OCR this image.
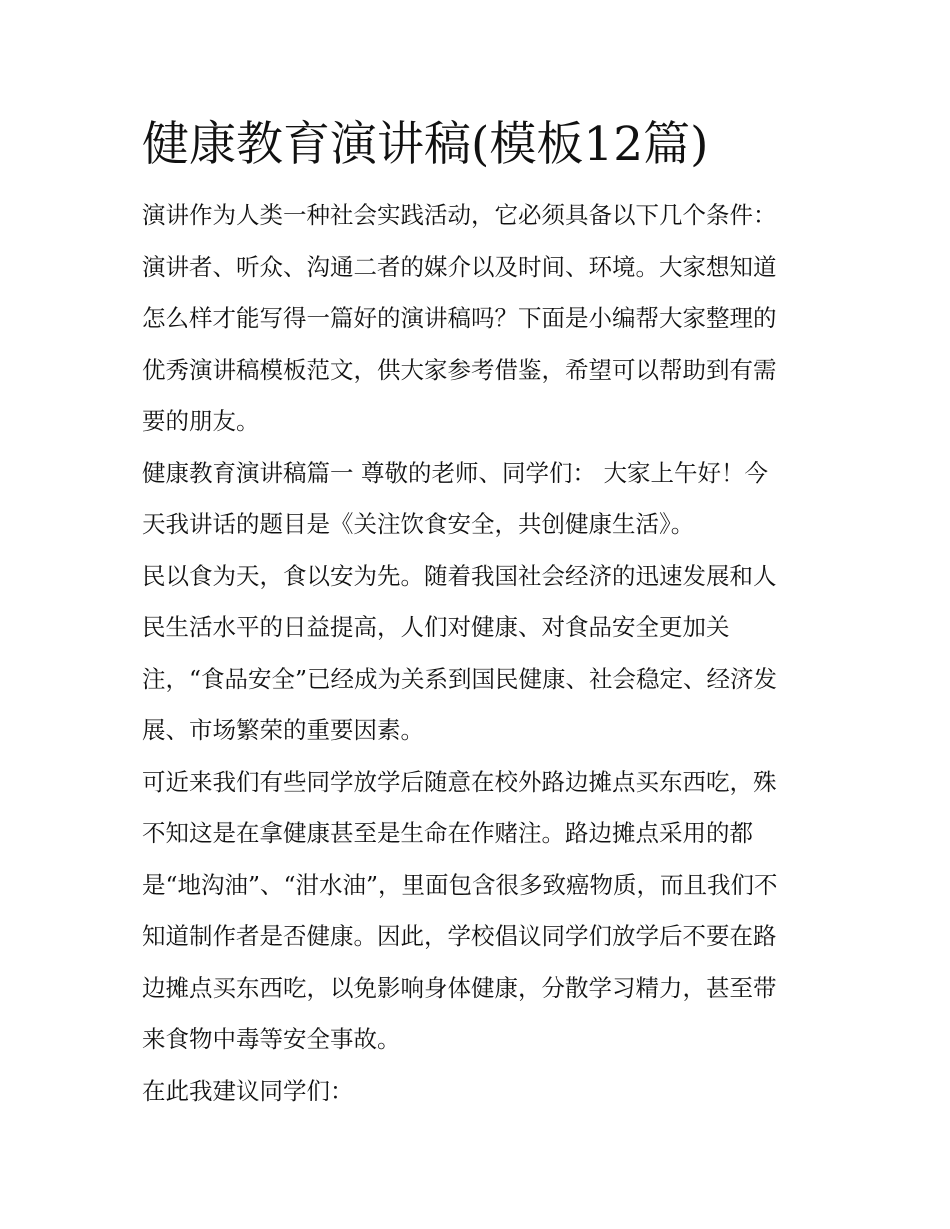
健康教育演讲稿(模板12篇)
演讲作为人类一种社会实践活动，它必须具备以下几个条件：
演讲者、听众、沟通二者的媒介以及时间、环境。大家想知道
怎么样才能写得一篇好的演讲稿吗？下面是小编帮大家整理的
优秀演讲稿模板范文，供大家参考借鉴，希望可以帮助到有需
要的朋友。
健康教育演讲稿篇一 尊敬的老师、同学们： 大家上午好！今
天我讲话的题目是《关注饮食安全，共创健康生活》。
民以食为天，食以安为先。随着我国社会经济的迅速发展和人
民生活水平的日益提高，人们对健康、对食品安全更加关
注，“食品安全”已经成为关系到国民健康、社会稳定、经济发
展、市场繁荣的重要因素。
可近来我们有些同学放学后随意在校外路边摊点买东西吃，殊
不知这是在拿健康甚至是生命在作赌注。路边摊点采用的都
是“地沟油”、“泔水油”，里面包含很多致癌物质，而且我们不
知道制作者是否健康。因此，学校倡议同学们放学后不要在路
边摊点买东西吃，以免影响身体健康，分散学习精力，甚至带
来食物中毒等安全事故。
在此我建议同学们：
